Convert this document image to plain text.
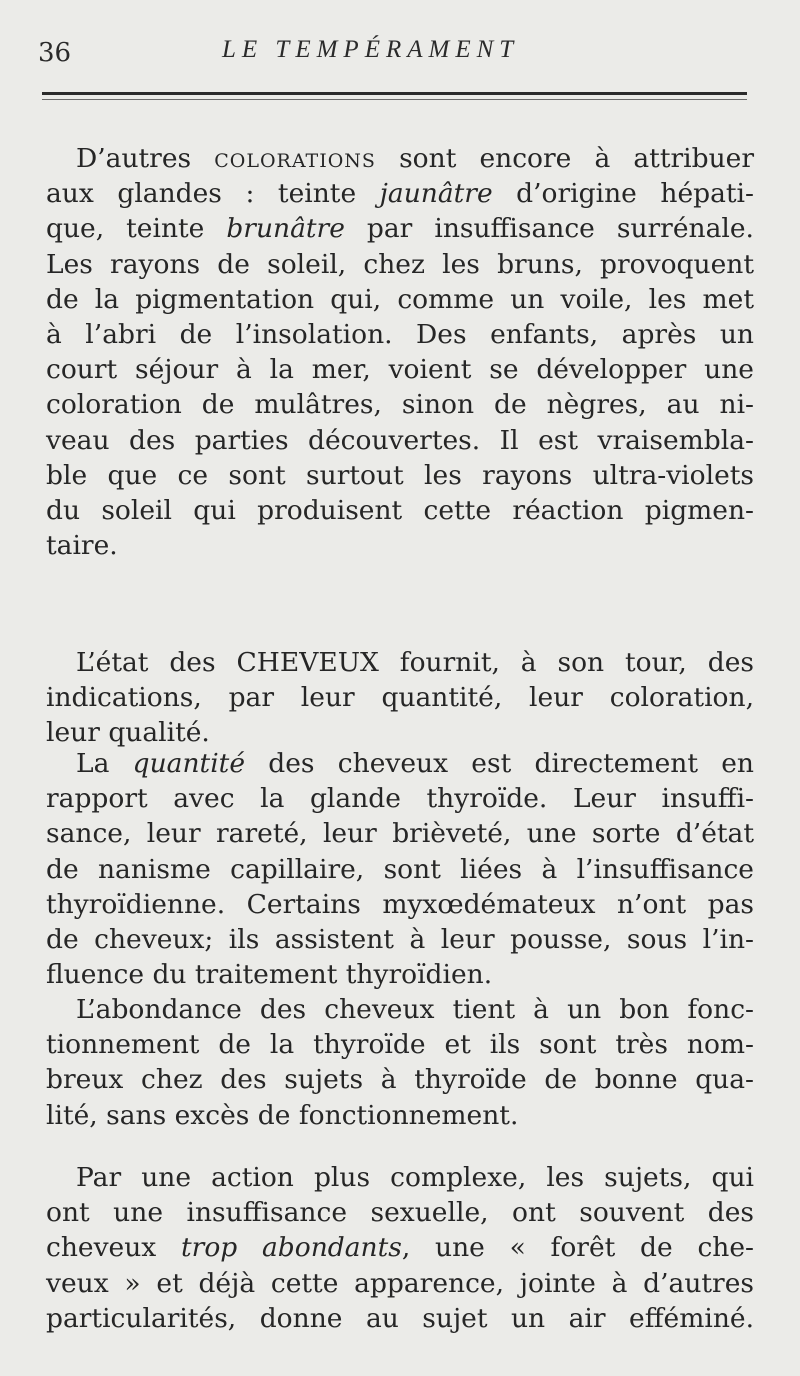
36	LE TEMPÉRAMENT
D’autres colorations sont encore à attribuer
aux glandes : teinte jaunâtre d’origine hépati-
que, teinte brunâtre par insuffisance surrénale.
Les rayons de soleil, chez les bruns, provoquent
de la pigmentation qui, comme un voile, les met
à l’abri de l’insolation. Des enfants, après un
court séjour à la mer, voient se développer une
coloration de mulâtres, sinon de nègres, au ni-
veau des parties découvertes. Il est vraisembla-
ble que ce sont surtout les rayons ultra-violets
du soleil qui produisent cette réaction pigmen-
taire.
L’état des CHEVEUX fournit, à son tour, des
indications, par leur quantité, leur coloration,
leur qualité.
La quantité des cheveux est directement en
rapport avec la glande thyroïde. Leur insuffi-
sance, leur rareté, leur brièveté, une sorte d’état
de nanisme capillaire, sont liées à l’insuffisance
thyroïdienne. Certains myxœdémateux n’ont pas
de cheveux; ils assistent à leur pousse, sous l’in-
fluence du traitement thyroïdien.
L’abondance des cheveux tient à un bon fonc-
tionnement de la thyroïde et ils sont très nom-
breux chez des sujets à thyroïde de bonne qua-
lité, sans excès de fonctionnement.
Par une action plus complexe, les sujets, qui
ont une insuffisance sexuelle, ont souvent des
cheveux trop abondants, une « forêt de che-
veux » et déjà cette apparence, jointe à d’autres
particularités, donne au sujet un air efféminé.
